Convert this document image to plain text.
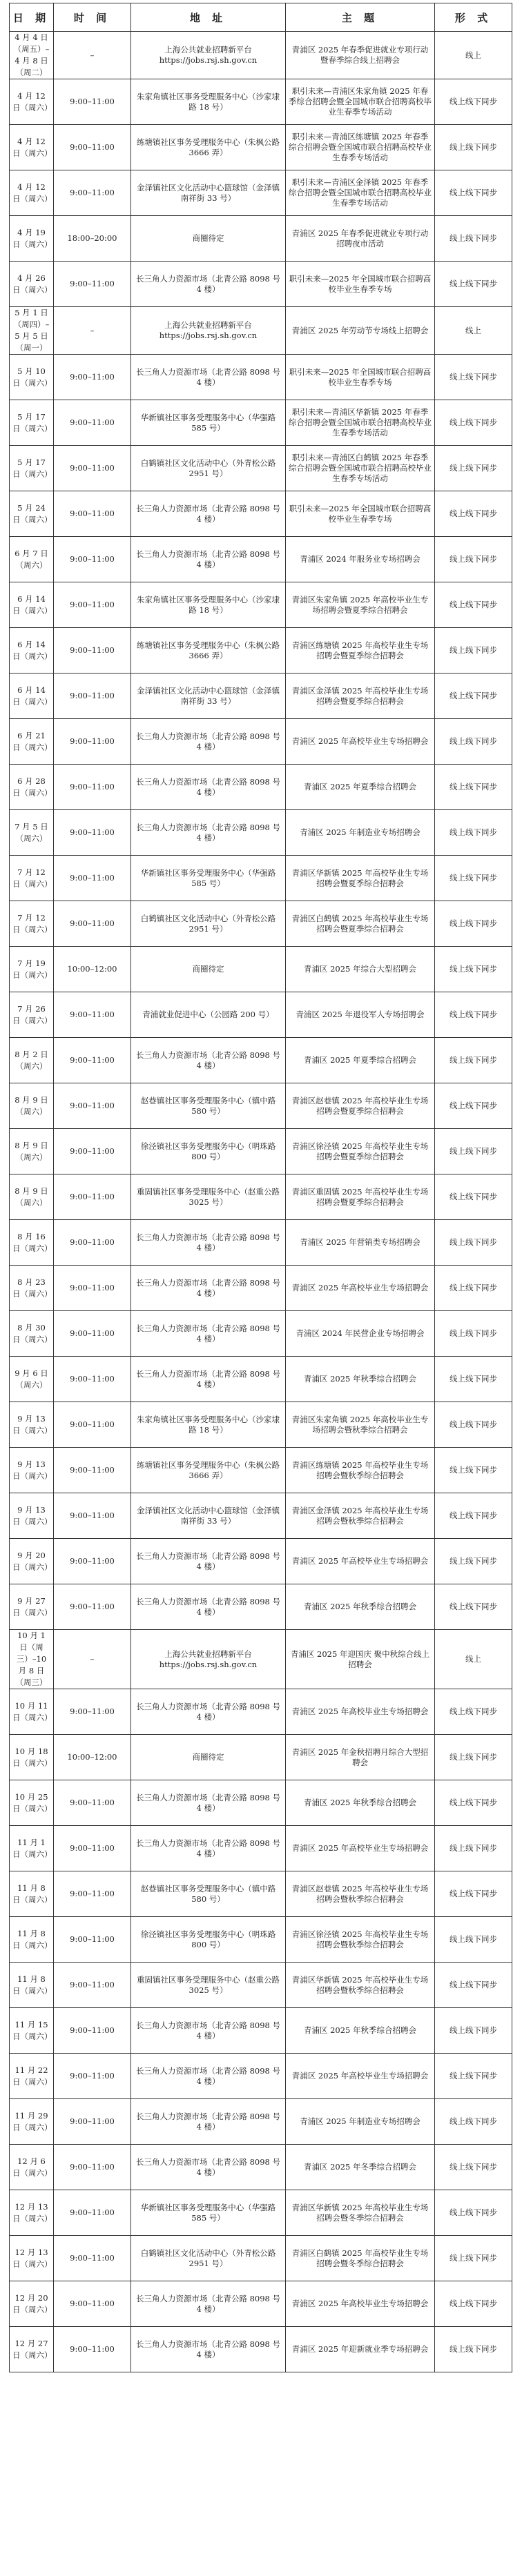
日 期	时 间	地 址	主 题	形 式
4 月 4 日（周五）–4 月 8 日（周二）	–	上海公共就业招聘新平台 https://jobs.rsj.sh.gov.cn	青浦区 2025 年春季促进就业专项行动暨春季综合线上招聘会	线上
4 月 12 日（周六）	9:00–11:00	朱家角镇社区事务受理服务中心（沙家埭路 18 号）	职引未来—青浦区朱家角镇 2025 年春季综合招聘会暨全国城市联合招聘高校毕业生春季专场活动	线上线下同步
4 月 12 日（周六）	9:00–11:00	练塘镇社区事务受理服务中心（朱枫公路 3666 弄）	职引未来—青浦区练塘镇 2025 年春季综合招聘会暨全国城市联合招聘高校毕业生春季专场活动	线上线下同步
4 月 12 日（周六）	9:00–11:00	金泽镇社区文化活动中心篮球馆（金泽镇南祥街 33 号）	职引未来—青浦区金泽镇 2025 年春季综合招聘会暨全国城市联合招聘高校毕业生春季专场活动	线上线下同步
4 月 19 日（周六）	18:00–20:00	商圈待定	青浦区 2025 年春季促进就业专项行动招聘夜市活动	线上线下同步
4 月 26 日（周六）	9:00–11:00	长三角人力资源市场（北青公路 8098 号 4 楼）	职引未来—2025 年全国城市联合招聘高校毕业生春季专场	线上线下同步
5 月 1 日（周四）–5 月 5 日（周一）	–	上海公共就业招聘新平台 https://jobs.rsj.sh.gov.cn	青浦区 2025 年劳动节专场线上招聘会	线上
5 月 10 日（周六）	9:00–11:00	长三角人力资源市场（北青公路 8098 号 4 楼）	职引未来—2025 年全国城市联合招聘高校毕业生春季专场	线上线下同步
5 月 17 日（周六）	9:00–11:00	华新镇社区事务受理服务中心（华强路 585 号）	职引未来—青浦区华新镇 2025 年春季综合招聘会暨全国城市联合招聘高校毕业生春季专场活动	线上线下同步
5 月 17 日（周六）	9:00–11:00	白鹤镇社区文化活动中心（外青松公路 2951 号）	职引未来—青浦区白鹤镇 2025 年春季综合招聘会暨全国城市联合招聘高校毕业生春季专场活动	线上线下同步
5 月 24 日（周六）	9:00–11:00	长三角人力资源市场（北青公路 8098 号 4 楼）	职引未来—2025 年全国城市联合招聘高校毕业生春季专场	线上线下同步
6 月 7 日（周六）	9:00–11:00	长三角人力资源市场（北青公路 8098 号 4 楼）	青浦区 2024 年服务业专场招聘会	线上线下同步
6 月 14 日（周六）	9:00–11:00	朱家角镇社区事务受理服务中心（沙家埭路 18 号）	青浦区朱家角镇 2025 年高校毕业生专场招聘会暨夏季综合招聘会	线上线下同步
6 月 14 日（周六）	9:00–11:00	练塘镇社区事务受理服务中心（朱枫公路 3666 弄）	青浦区练塘镇 2025 年高校毕业生专场招聘会暨夏季综合招聘会	线上线下同步
6 月 14 日（周六）	9:00–11:00	金泽镇社区文化活动中心篮球馆（金泽镇南祥街 33 号）	青浦区金泽镇 2025 年高校毕业生专场招聘会暨夏季综合招聘会	线上线下同步
6 月 21 日（周六）	9:00–11:00	长三角人力资源市场（北青公路 8098 号 4 楼）	青浦区 2025 年高校毕业生专场招聘会	线上线下同步
6 月 28 日（周六）	9:00–11:00	长三角人力资源市场（北青公路 8098 号 4 楼）	青浦区 2025 年夏季综合招聘会	线上线下同步
7 月 5 日（周六）	9:00–11:00	长三角人力资源市场（北青公路 8098 号 4 楼）	青浦区 2025 年制造业专场招聘会	线上线下同步
7 月 12 日（周六）	9:00–11:00	华新镇社区事务受理服务中心（华强路 585 号）	青浦区华新镇 2025 年高校毕业生专场招聘会暨夏季综合招聘会	线上线下同步
7 月 12 日（周六）	9:00–11:00	白鹤镇社区文化活动中心（外青松公路 2951 号）	青浦区白鹤镇 2025 年高校毕业生专场招聘会暨夏季综合招聘会	线上线下同步
7 月 19 日（周六）	10:00–12:00	商圈待定	青浦区 2025 年综合大型招聘会	线上线下同步
7 月 26 日（周六）	9:00–11:00	青浦就业促进中心（公园路 200 号）	青浦区 2025 年退役军人专场招聘会	线上线下同步
8 月 2 日（周六）	9:00–11:00	长三角人力资源市场（北青公路 8098 号 4 楼）	青浦区 2025 年夏季综合招聘会	线上线下同步
8 月 9 日（周六）	9:00–11:00	赵巷镇社区事务受理服务中心（镇中路 580 号）	青浦区赵巷镇 2025 年高校毕业生专场招聘会暨夏季综合招聘会	线上线下同步
8 月 9 日（周六）	9:00–11:00	徐泾镇社区事务受理服务中心（明珠路 800 号）	青浦区徐泾镇 2025 年高校毕业生专场招聘会暨夏季综合招聘会	线上线下同步
8 月 9 日（周六）	9:00–11:00	重固镇社区事务受理服务中心（赵重公路 3025 号）	青浦区重固镇 2025 年高校毕业生专场招聘会暨夏季综合招聘会	线上线下同步
8 月 16 日（周六）	9:00–11:00	长三角人力资源市场（北青公路 8098 号 4 楼）	青浦区 2025 年营销类专场招聘会	线上线下同步
8 月 23 日（周六）	9:00–11:00	长三角人力资源市场（北青公路 8098 号 4 楼）	青浦区 2025 年高校毕业生专场招聘会	线上线下同步
8 月 30 日（周六）	9:00–11:00	长三角人力资源市场（北青公路 8098 号 4 楼）	青浦区 2024 年民营企业专场招聘会	线上线下同步
9 月 6 日（周六）	9:00–11:00	长三角人力资源市场（北青公路 8098 号 4 楼）	青浦区 2025 年秋季综合招聘会	线上线下同步
9 月 13 日（周六）	9:00–11:00	朱家角镇社区事务受理服务中心（沙家埭路 18 号）	青浦区朱家角镇 2025 年高校毕业生专场招聘会暨秋季综合招聘会	线上线下同步
9 月 13 日（周六）	9:00–11:00	练塘镇社区事务受理服务中心（朱枫公路 3666 弄）	青浦区练塘镇 2025 年高校毕业生专场招聘会暨秋季综合招聘会	线上线下同步
9 月 13 日（周六）	9:00–11:00	金泽镇社区文化活动中心篮球馆（金泽镇南祥街 33 号）	青浦区金泽镇 2025 年高校毕业生专场招聘会暨秋季综合招聘会	线上线下同步
9 月 20 日（周六）	9:00–11:00	长三角人力资源市场（北青公路 8098 号 4 楼）	青浦区 2025 年高校毕业生专场招聘会	线上线下同步
9 月 27 日（周六）	9:00–11:00	长三角人力资源市场（北青公路 8098 号 4 楼）	青浦区 2025 年秋季综合招聘会	线上线下同步
10 月 1 日（周三）–10 月 8 日（周三）	–	上海公共就业招聘新平台 https://jobs.rsj.sh.gov.cn	青浦区 2025 年迎国庆 聚中秋综合线上招聘会	线上
10 月 11 日（周六）	9:00–11:00	长三角人力资源市场（北青公路 8098 号 4 楼）	青浦区 2025 年高校毕业生专场招聘会	线上线下同步
10 月 18 日（周六）	10:00–12:00	商圈待定	青浦区 2025 年金秋招聘月综合大型招聘会	线上线下同步
10 月 25 日（周六）	9:00–11:00	长三角人力资源市场（北青公路 8098 号 4 楼）	青浦区 2025 年秋季综合招聘会	线上线下同步
11 月 1 日（周六）	9:00–11:00	长三角人力资源市场（北青公路 8098 号 4 楼）	青浦区 2025 年高校毕业生专场招聘会	线上线下同步
11 月 8 日（周六）	9:00–11:00	赵巷镇社区事务受理服务中心（镇中路 580 号）	青浦区赵巷镇 2025 年高校毕业生专场招聘会暨秋季综合招聘会	线上线下同步
11 月 8 日（周六）	9:00–11:00	徐泾镇社区事务受理服务中心（明珠路 800 号）	青浦区徐泾镇 2025 年高校毕业生专场招聘会暨秋季综合招聘会	线上线下同步
11 月 8 日（周六）	9:00–11:00	重固镇社区事务受理服务中心（赵重公路 3025 号）	青浦区华新镇 2025 年高校毕业生专场招聘会暨秋季综合招聘会	线上线下同步
11 月 15 日（周六）	9:00–11:00	长三角人力资源市场（北青公路 8098 号 4 楼）	青浦区 2025 年秋季综合招聘会	线上线下同步
11 月 22 日（周六）	9:00–11:00	长三角人力资源市场（北青公路 8098 号 4 楼）	青浦区 2025 年高校毕业生专场招聘会	线上线下同步
11 月 29 日（周六）	9:00–11:00	长三角人力资源市场（北青公路 8098 号 4 楼）	青浦区 2025 年制造业专场招聘会	线上线下同步
12 月 6 日（周六）	9:00–11:00	长三角人力资源市场（北青公路 8098 号 4 楼）	青浦区 2025 年冬季综合招聘会	线上线下同步
12 月 13 日（周六）	9:00–11:00	华新镇社区事务受理服务中心（华强路 585 号）	青浦区华新镇 2025 年高校毕业生专场招聘会暨冬季综合招聘会	线上线下同步
12 月 13 日（周六）	9:00–11:00	白鹤镇社区文化活动中心（外青松公路 2951 号）	青浦区白鹤镇 2025 年高校毕业生专场招聘会暨冬季综合招聘会	线上线下同步
12 月 20 日（周六）	9:00–11:00	长三角人力资源市场（北青公路 8098 号 4 楼）	青浦区 2025 年高校毕业生专场招聘会	线上线下同步
12 月 27 日（周六）	9:00–11:00	长三角人力资源市场（北青公路 8098 号 4 楼）	青浦区 2025 年迎新就业季专场招聘会	线上线下同步
